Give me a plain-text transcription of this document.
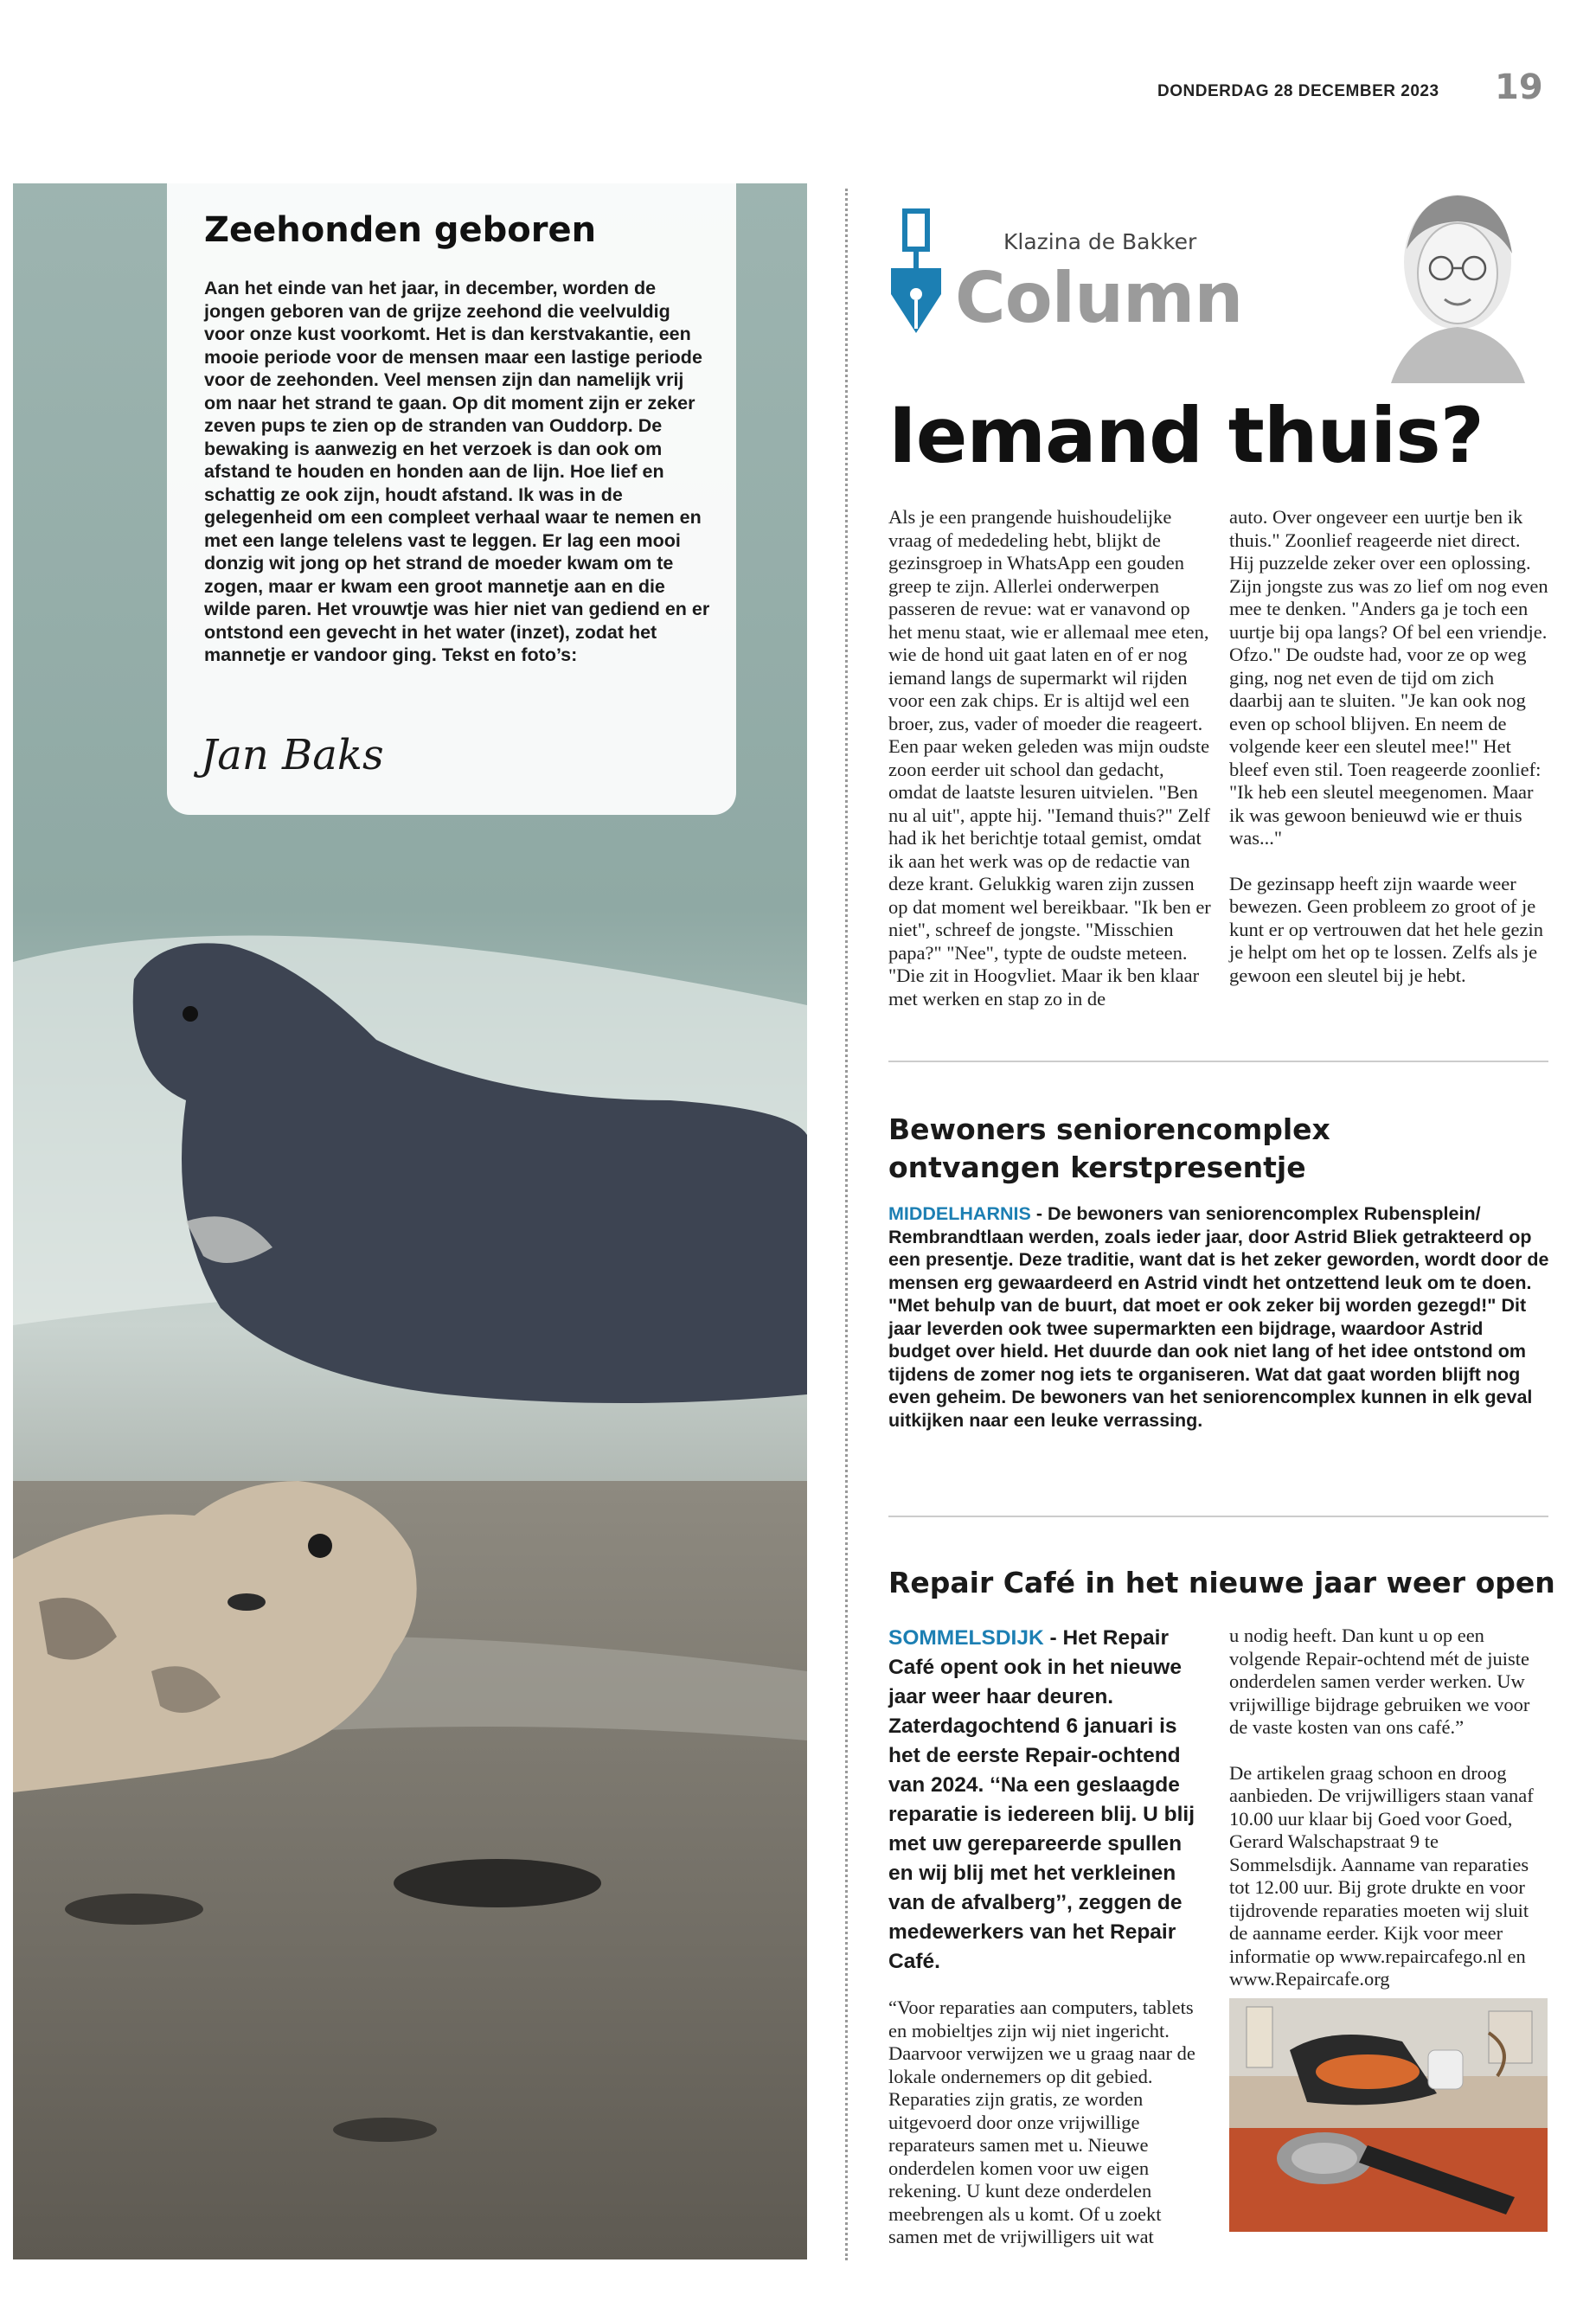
DONDERDAG 28 DECEMBER 2023 19
Zeehonden geboren
Aan het einde van het jaar, in december, worden de jongen geboren van de grijze zeehond die veelvuldig voor onze kust voorkomt. Het is dan kerstvakantie, een mooie periode voor de mensen maar een lastige periode voor de zeehonden. Veel mensen zijn dan namelijk vrij om naar het strand te gaan. Op dit moment zijn er zeker zeven pups te zien op de stranden van Ouddorp. De bewaking is aanwezig en het verzoek is dan ook om afstand te houden en honden aan de lijn. Hoe lief en schattig ze ook zijn, houdt afstand. Ik was in de gelegenheid om een compleet verhaal waar te nemen en met een lange telelens vast te leggen. Er lag een mooi donzig wit jong op het strand de moeder kwam om te zogen, maar er kwam een groot mannetje aan en die wilde paren. Het vrouwtje was hier niet van gediend en er ontstond een gevecht in het water (inzet), zodat het mannetje er vandoor ging. Tekst en foto’s:
Jan Baks
Klazina de Bakker
Column
Iemand thuis?

Als je een prangende huishoudelijke vraag of mededeling hebt, blijkt de gezinsgroep in WhatsApp een gouden greep te zijn. Allerlei onderwerpen passeren de revue: wat er vanavond op het menu staat, wie er allemaal mee eten, wie de hond uit gaat laten en of er nog iemand langs de supermarkt wil rijden voor een zak chips. Er is altijd wel een broer, zus, vader of moeder die reageert. Een paar weken geleden was mijn oudste zoon eerder uit school dan gedacht, omdat de laatste lesuren uitvielen. "Ben nu al uit", appte hij. "Iemand thuis?" Zelf had ik het berichtje totaal gemist, omdat ik aan het werk was op de redactie van deze krant. Gelukkig waren zijn zussen op dat moment wel bereikbaar. "Ik ben er niet", schreef de jongste. "Misschien papa?" "Nee", typte de oudste meteen. "Die zit in Hoogvliet. Maar ik ben klaar met werken en stap zo in de

auto. Over ongeveer een uurtje ben ik thuis." Zoonlief reageerde niet direct. Hij puzzelde zeker over een oplossing. Zijn jongste zus was zo lief om nog even mee te denken. "Anders ga je toch een uurtje bij opa langs? Of bel een vriendje. Ofzo." De oudste had, voor ze op weg ging, nog net even de tijd om zich daarbij aan te sluiten. "Je kan ook nog even op school blijven. En neem de volgende keer een sleutel mee!" Het bleef even stil. Toen reageerde zoonlief: "Ik heb een sleutel meegenomen. Maar ik was gewoon benieuwd wie er thuis was..."

De gezinsapp heeft zijn waarde weer bewezen. Geen probleem zo groot of je kunt er op vertrouwen dat het hele gezin je helpt om het op te lossen. Zelfs als je gewoon een sleutel bij je hebt.

Bewoners seniorencomplex
ontvangen kerstpresentje
MIDDELHARNIS - De bewoners van seniorencomplex Rubensplein/ Rembrandtlaan werden, zoals ieder jaar, door Astrid Bliek getrakteerd op een presentje. Deze traditie, want dat is het zeker geworden, wordt door de mensen erg gewaardeerd en Astrid vindt het ontzettend leuk om te doen. "Met behulp van de buurt, dat moet er ook zeker bij worden gezegd!" Dit jaar leverden ook twee supermarkten een bijdrage, waardoor Astrid budget over hield. Het duurde dan ook niet lang of het idee ontstond om tijdens de zomer nog iets te organiseren. Wat dat gaat worden blijft nog even geheim. De bewoners van het seniorencomplex kunnen in elk geval uitkijken naar een leuke verrassing.
Repair Café in het nieuwe jaar weer open
SOMMELSDIJK - Het Repair Café opent ook in het nieuwe jaar weer haar deuren. Zaterdagochtend 6 januari is het de eerste Repair-ochtend van 2024. ‘‘Na een geslaagde reparatie is iedereen blij. U blij met uw gerepareerde spullen en wij blij met het verkleinen van de afvalberg’’, zeggen de medewerkers van het Repair Café.

“Voor reparaties aan computers, tablets en mobieltjes zijn wij niet ingericht. Daarvoor verwijzen we u graag naar de lokale ondernemers op dit gebied. Reparaties zijn gratis, ze worden uitgevoerd door onze vrijwillige reparateurs samen met u. Nieuwe onderdelen komen voor uw eigen rekening. U kunt deze onderdelen meebrengen als u komt. Of u zoekt samen met de vrijwilligers uit wat

u nodig heeft. Dan kunt u op een volgende Repair-ochtend mét de juiste onderdelen samen verder werken. Uw vrijwillige bijdrage gebruiken we voor de vaste kosten van ons café.”

De artikelen graag schoon en droog aanbieden. De vrijwilligers staan vanaf 10.00 uur klaar bij Goed voor Goed, Gerard Walschapstraat 9 te Sommelsdijk. Aanname van reparaties tot 12.00 uur. Bij grote drukte en voor tijdrovende reparaties moeten wij sluit de aanname eerder. Kijk voor meer informatie op www.repaircafego.nl en www.Repaircafe.org
